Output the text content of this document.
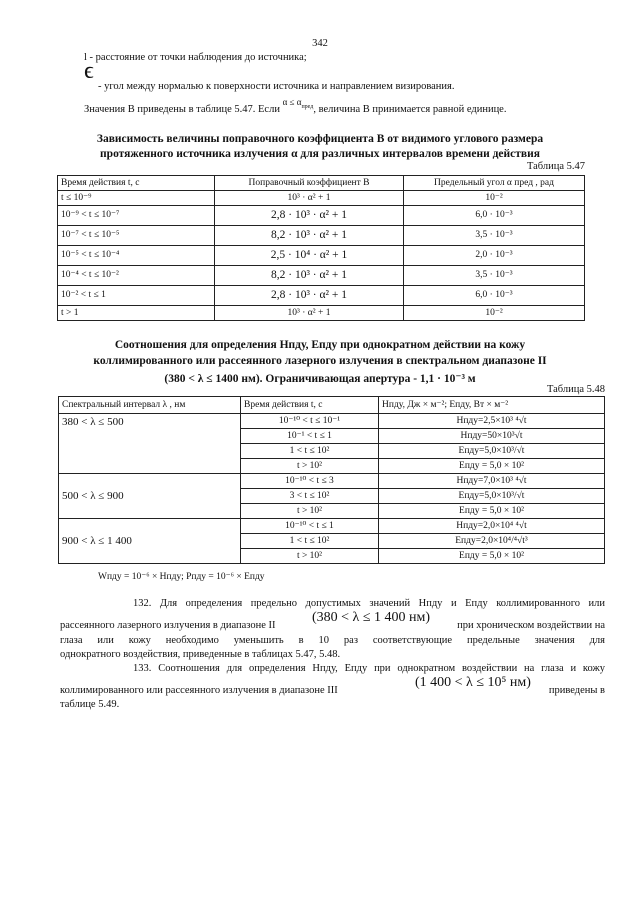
342
l - расстояние от точки наблюдения до источника;
ϵ
- угол между нормалью к поверхности источника и направлением визирования.
Значения B приведены в таблице 5.47. Если $\alpha \le \alpha_{пред}$, величина B принимается равной единице.
Зависимость величины поправочного коэффициента B от видимого углового размера
протяженного источника излучения α для различных интервалов времени действия
Таблица 5.47
Время действия t, с	Поправочный коэффициент B	Предельный угол α пред , рад
t ≤ 10⁻⁹	10³ · α² + 1	10⁻²
10⁻⁹ < t ≤ 10⁻⁷	2,8 · 10³ · α² + 1	6,0 · 10⁻³
10⁻⁷ < t ≤ 10⁻⁵	8,2 · 10³ · α² + 1	3,5 · 10⁻³
10⁻⁵ < t ≤ 10⁻⁴	2,5 · 10⁴ · α² + 1	2,0 · 10⁻³
10⁻⁴ < t ≤ 10⁻²	8,2 · 10³ · α² + 1	3,5 · 10⁻³
10⁻² < t ≤ 1	2,8 · 10³ · α² + 1	6,0 · 10⁻³
t > 1	10³ · α² + 1	10⁻²
Соотношения для определения Hпду, Eпду при однократном действии на кожу
коллимированного или рассеянного лазерного излучения в спектральном диапазоне II
(380 < λ ≤ 1400 нм). Ограничивающая апертура - 1,1 · 10⁻³ м
Таблица 5.48
Спектральный интервал λ , нм	Время действия t, с	Hпду, Дж × м⁻²; Eпду, Вт × м⁻²
380 < λ ≤ 500	10⁻¹⁰ < t ≤ 10⁻¹	Hпду=2,5×10³ ⁴√t
	10⁻¹ < t ≤ 1	Hпду=50×10³√t
	1 < t ≤ 10²	Eпду=5,0×10³/√t
	t > 10²	Eпду = 5,0 × 10²
500 < λ ≤ 900	10⁻¹⁰ < t ≤ 3	Hпду=7,0×10³ ⁴√t
	3 < t ≤ 10²	Eпду=5,0×10³/√t
	t > 10²	Eпду = 5,0 × 10²
900 < λ ≤ 1 400	10⁻¹⁰ < t ≤ 1	Hпду=2,0×10⁴ ⁴√t
	1 < t ≤ 10²	Eпду=2,0×10⁴/⁴√t³
	t > 10²	Eпду = 5,0 × 10²
Wпду = 10⁻⁶ × Hпду; Pпду = 10⁻⁶ × Eпду
132. Для определения предельно допустимых значений Hпду и Eпду коллимированного или
рассеянного лазерного излучения в диапазоне II
(380 < λ ≤ 1 400 нм)
при хроническом воздействии на
глаза или кожу необходимо уменьшить в 10 раз соответствующие предельные значения для
однократного воздействия, приведенные в таблицах 5.47, 5.48.
133. Соотношения для определения Hпду, Eпду при однократном воздействии на глаза и кожу
коллимированного или рассеянного излучения в диапазоне III
(1 400 < λ ≤ 10⁵ нм)
приведены в
таблице 5.49.
